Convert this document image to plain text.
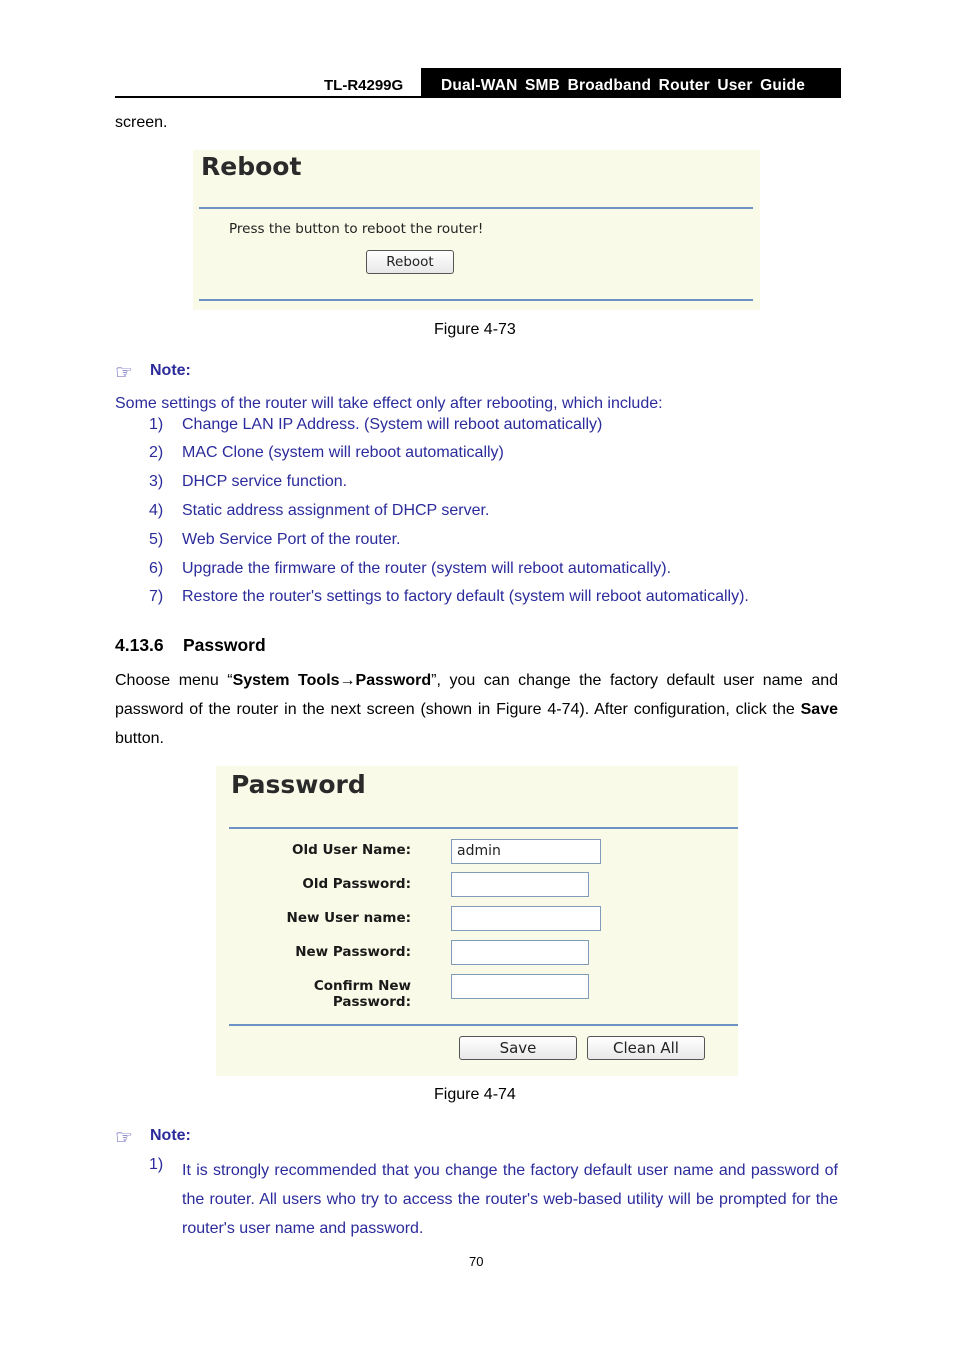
TL-R4299G Dual-WAN SMB Broadband Router User Guide
screen.
Reboot
Press the button to reboot the router!
Reboot
Figure 4-73
☞ Note:
Some settings of the router will take effect only after rebooting, which include:
1)	Change LAN IP Address. (System will reboot automatically)
2)	MAC Clone (system will reboot automatically)
3)	DHCP service function.
4)	Static address assignment of DHCP server.
5)	Web Service Port of the router.
6)	Upgrade the firmware of the router (system will reboot automatically).
7)	Restore the router's settings to factory default (system will reboot automatically).
4.13.6 Password
Choose menu “System Tools→Password”, you can change the factory default user name and password of the router in the next screen (shown in Figure 4-74). After configuration, click the Save button.
Password
Old User Name:	admin
Old Password:
New User name:
New Password:
Confirm New Password:
Save	Clean All
Figure 4-74
☞ Note:
1)	It is strongly recommended that you change the factory default user name and password of the router. All users who try to access the router's web-based utility will be prompted for the router's user name and password.
70
